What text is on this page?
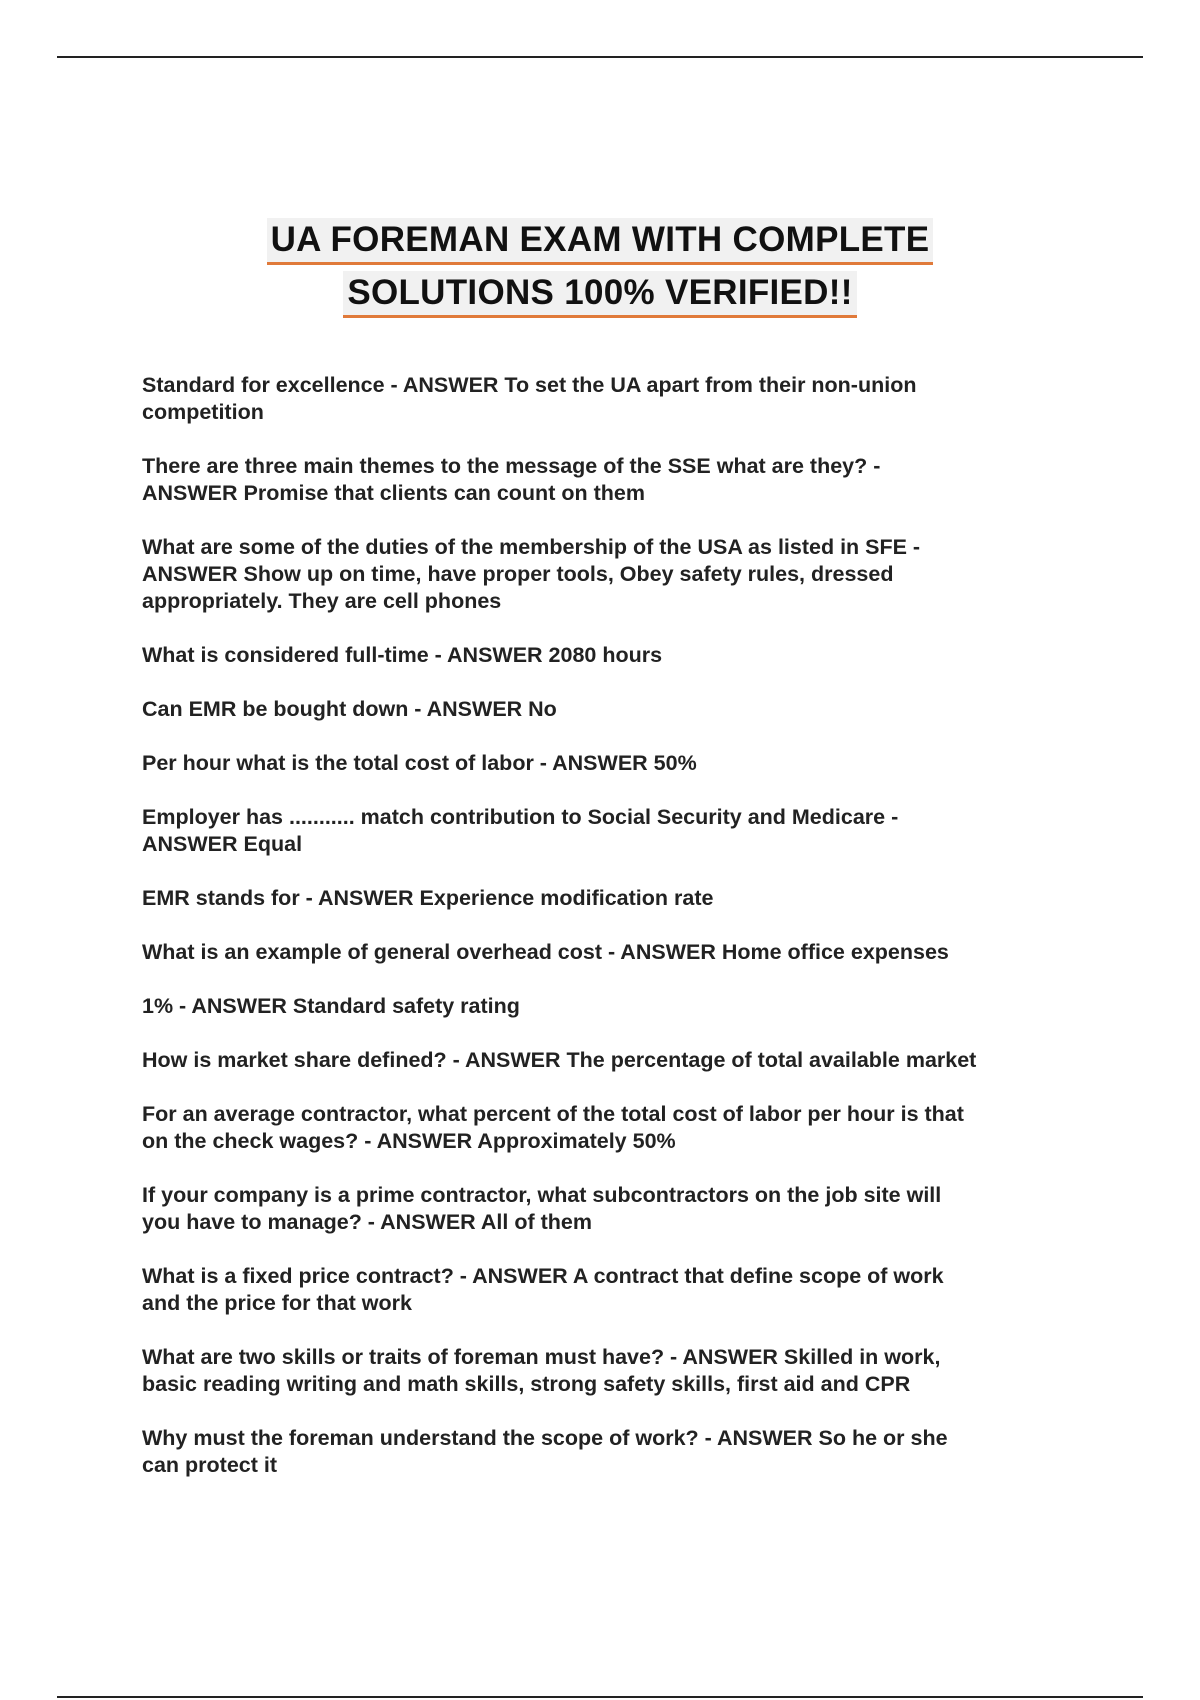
UA FOREMAN EXAM WITH COMPLETE
SOLUTIONS 100% VERIFIED!!

Standard for excellence - ANSWER To set the UA apart from their non-union
competition

There are three main themes to the message of the SSE what are they? -
ANSWER Promise that clients can count on them

What are some of the duties of the membership of the USA as listed in SFE -
ANSWER Show up on time, have proper tools, Obey safety rules, dressed
appropriately. They are cell phones

What is considered full-time - ANSWER 2080 hours

Can EMR be bought down - ANSWER No

Per hour what is the total cost of labor - ANSWER 50%

Employer has ........... match contribution to Social Security and Medicare -
ANSWER Equal

EMR stands for - ANSWER Experience modification rate

What is an example of general overhead cost - ANSWER Home office expenses

1% - ANSWER Standard safety rating

How is market share defined? - ANSWER The percentage of total available market

For an average contractor, what percent of the total cost of labor per hour is that
on the check wages? - ANSWER Approximately 50%

If your company is a prime contractor, what subcontractors on the job site will
you have to manage? - ANSWER All of them

What is a fixed price contract? - ANSWER A contract that define scope of work
and the price for that work

What are two skills or traits of foreman must have? - ANSWER Skilled in work,
basic reading writing and math skills, strong safety skills, first aid and CPR

Why must the foreman understand the scope of work? - ANSWER So he or she
can protect it
